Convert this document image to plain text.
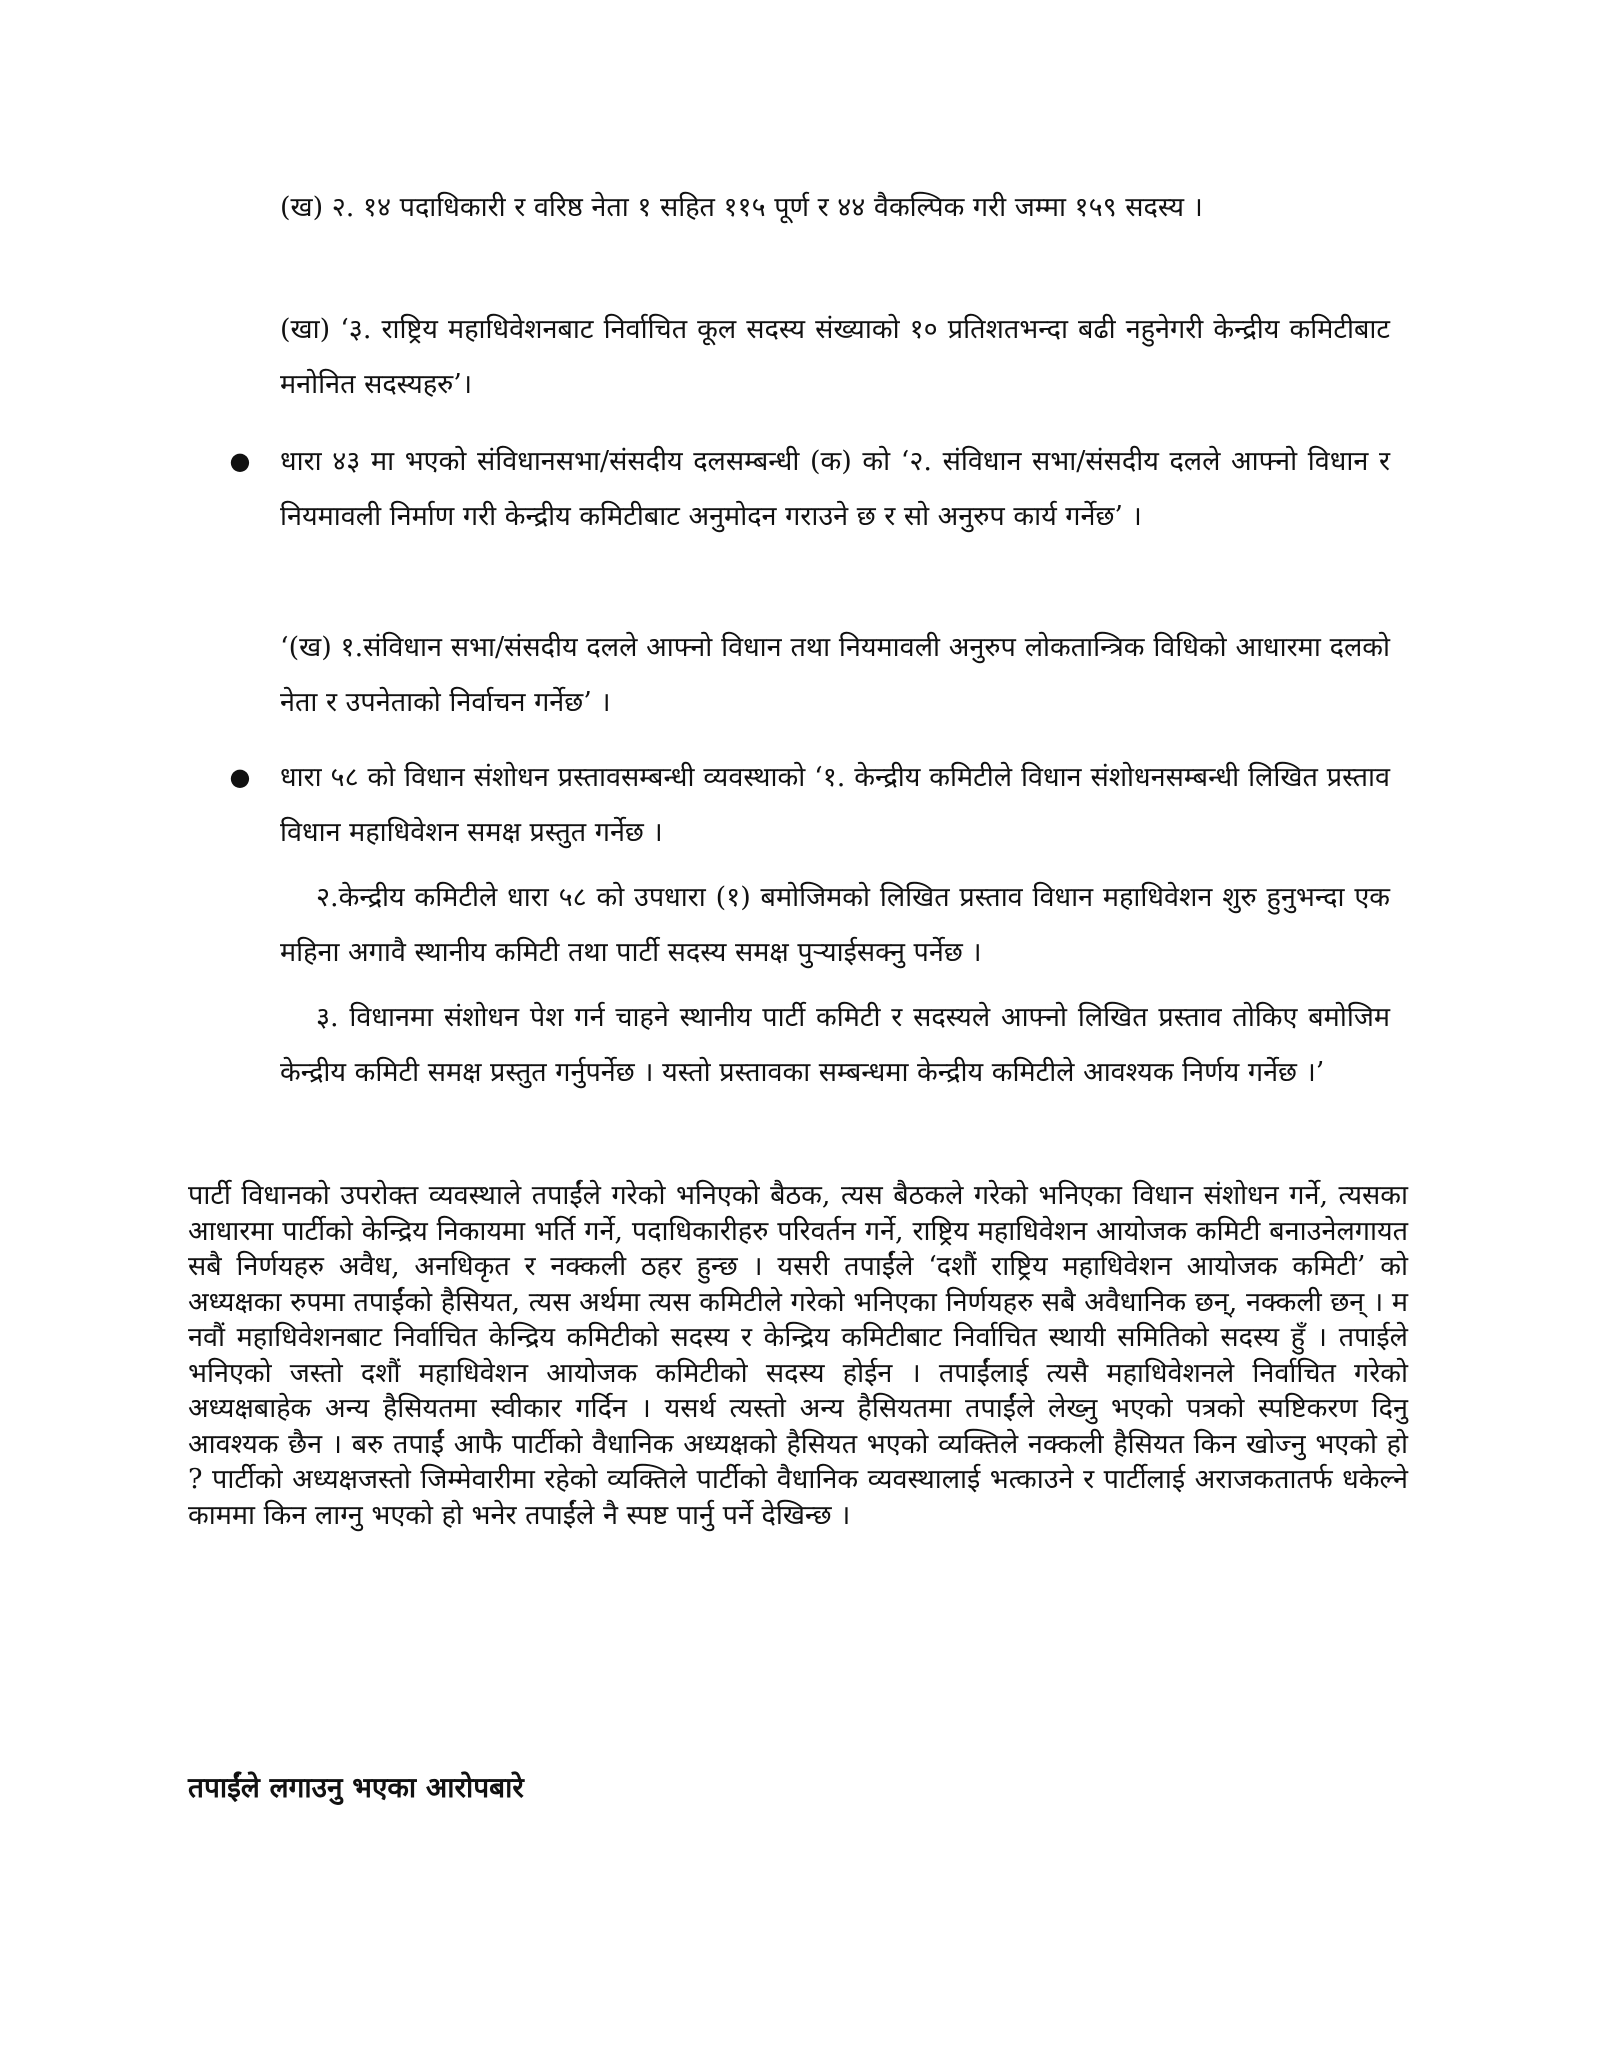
(ख) २. १४ पदाधिकारी र वरिष्ठ नेता १ सहित ११५ पूर्ण र ४४ वैकल्पिक गरी जम्मा १५९ सदस्य ।
(खा) ‘३. राष्ट्रिय महाधिवेशनबाट निर्वाचित कूल सदस्य संख्याको १० प्रतिशतभन्दा बढी नहुनेगरी केन्द्रीय कमिटीबाट मनोनित सदस्यहरु’।
● धारा ४३ मा भएको संविधानसभा/संसदीय दलसम्बन्धी (क) को ‘२. संविधान सभा/संसदीय दलले आफ्नो विधान र नियमावली निर्माण गरी केन्द्रीय कमिटीबाट अनुमोदन गराउने छ र सो अनुरुप कार्य गर्नेछ’ ।
‘(ख) १.संविधान सभा/संसदीय दलले आफ्नो विधान तथा नियमावली अनुरुप लोकतान्त्रिक विधिको आधारमा दलको नेता र उपनेताको निर्वाचन गर्नेछ’ ।
● धारा ५८ को विधान संशोधन प्रस्तावसम्बन्धी व्यवस्थाको ‘१. केन्द्रीय कमिटीले विधान संशोधनसम्बन्धी लिखित प्रस्ताव विधान महाधिवेशन समक्ष प्रस्तुत गर्नेछ ।
२.केन्द्रीय कमिटीले धारा ५८ को उपधारा (१) बमोजिमको लिखित प्रस्ताव विधान महाधिवेशन शुरु हुनुभन्दा एक महिना अगावै स्थानीय कमिटी तथा पार्टी सदस्य समक्ष पुऱ्याईसक्नु पर्नेछ ।
३. विधानमा संशोधन पेश गर्न चाहने स्थानीय पार्टी कमिटी र सदस्यले आफ्नो लिखित प्रस्ताव तोकिए बमोजिम केन्द्रीय कमिटी समक्ष प्रस्तुत गर्नुपर्नेछ । यस्तो प्रस्तावका सम्बन्धमा केन्द्रीय कमिटीले आवश्यक निर्णय गर्नेछ ।’
पार्टी विधानको उपरोक्त व्यवस्थाले तपाईंले गरेको भनिएको बैठक, त्यस बैठकले गरेको भनिएका विधान संशोधन गर्ने, त्यसका आधारमा पार्टीको केन्द्रिय निकायमा भर्ति गर्ने, पदाधिकारीहरु परिवर्तन गर्ने, राष्ट्रिय महाधिवेशन आयोजक कमिटी बनाउनेलगायत सबै निर्णयहरु अवैध, अनधिकृत र नक्कली ठहर हुन्छ । यसरी तपाईंले ‘दशौं राष्ट्रिय महाधिवेशन आयोजक कमिटी’ को अध्यक्षका रुपमा तपाईंको हैसियत, त्यस अर्थमा त्यस कमिटीले गरेको भनिएका निर्णयहरु सबै अवैधानिक छन्, नक्कली छन् । म नवौं महाधिवेशनबाट निर्वाचित केन्द्रिय कमिटीको सदस्य र केन्द्रिय कमिटीबाट निर्वाचित स्थायी समितिको सदस्य हुँ । तपाईले भनिएको जस्तो दशौं महाधिवेशन आयोजक कमिटीको सदस्य होईन । तपाईंलाई त्यसै महाधिवेशनले निर्वाचित गरेको अध्यक्षबाहेक अन्य हैसियतमा स्वीकार गर्दिन । यसर्थ त्यस्तो अन्य हैसियतमा तपाईंले लेख्नु भएको पत्रको स्पष्टिकरण दिनु आवश्यक छैन । बरु तपाईं आफै पार्टीको वैधानिक अध्यक्षको हैसियत भएको व्यक्तिले नक्कली हैसियत किन खोज्नु भएको हो ? पार्टीको अध्यक्षजस्तो जिम्मेवारीमा रहेको व्यक्तिले पार्टीको वैधानिक व्यवस्थालाई भत्काउने र पार्टीलाई अराजकतातर्फ धकेल्ने काममा किन लाग्नु भएको हो भनेर तपाईंले नै स्पष्ट पार्नु पर्ने देखिन्छ ।
तपाईंले लगाउनु भएका आरोपबारे
